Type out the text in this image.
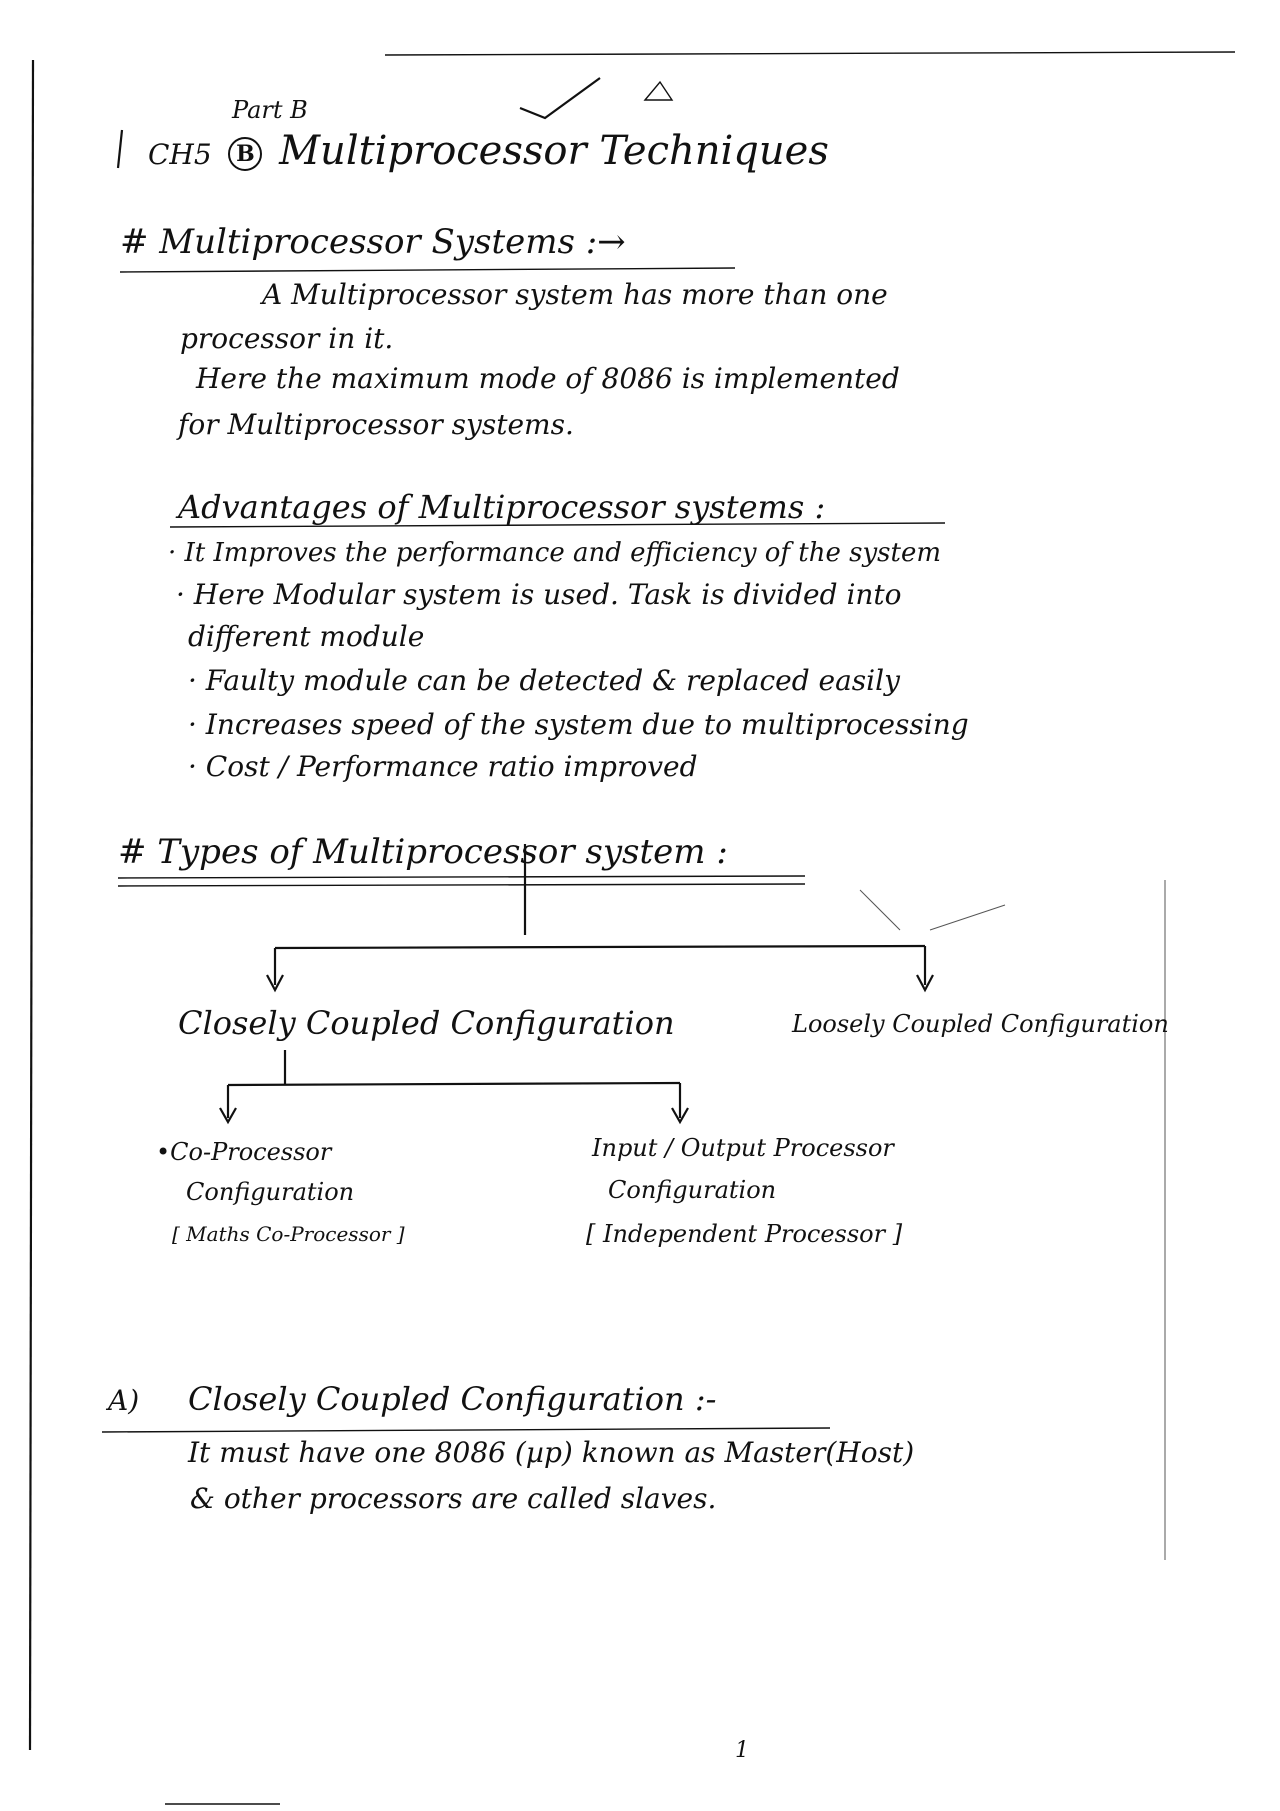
Part B
CH5 B Multiprocessor Techniques
# Multiprocessor Systems :→
A Multiprocessor system has more than one
processor in it.
Here the maximum mode of 8086 is implemented
for Multiprocessor systems.
Advantages of Multiprocessor systems :
· It Improves the performance and efficiency of the system
· Here Modular system is used. Task is divided into
different module
· Faulty module can be detected & replaced easily
· Increases speed of the system due to multiprocessing
· Cost / Performance ratio improved
# Types of Multiprocessor system :
Closely Coupled Configuration	Loosely Coupled Configuration
•Co-Processor
Configuration
[ Maths Co-Processor ]
Input / Output Processor
Configuration
[ Independent Processor ]
A) Closely Coupled Configuration :-
It must have one 8086 (µp) known as Master(Host)
& other processors are called slaves.
1
